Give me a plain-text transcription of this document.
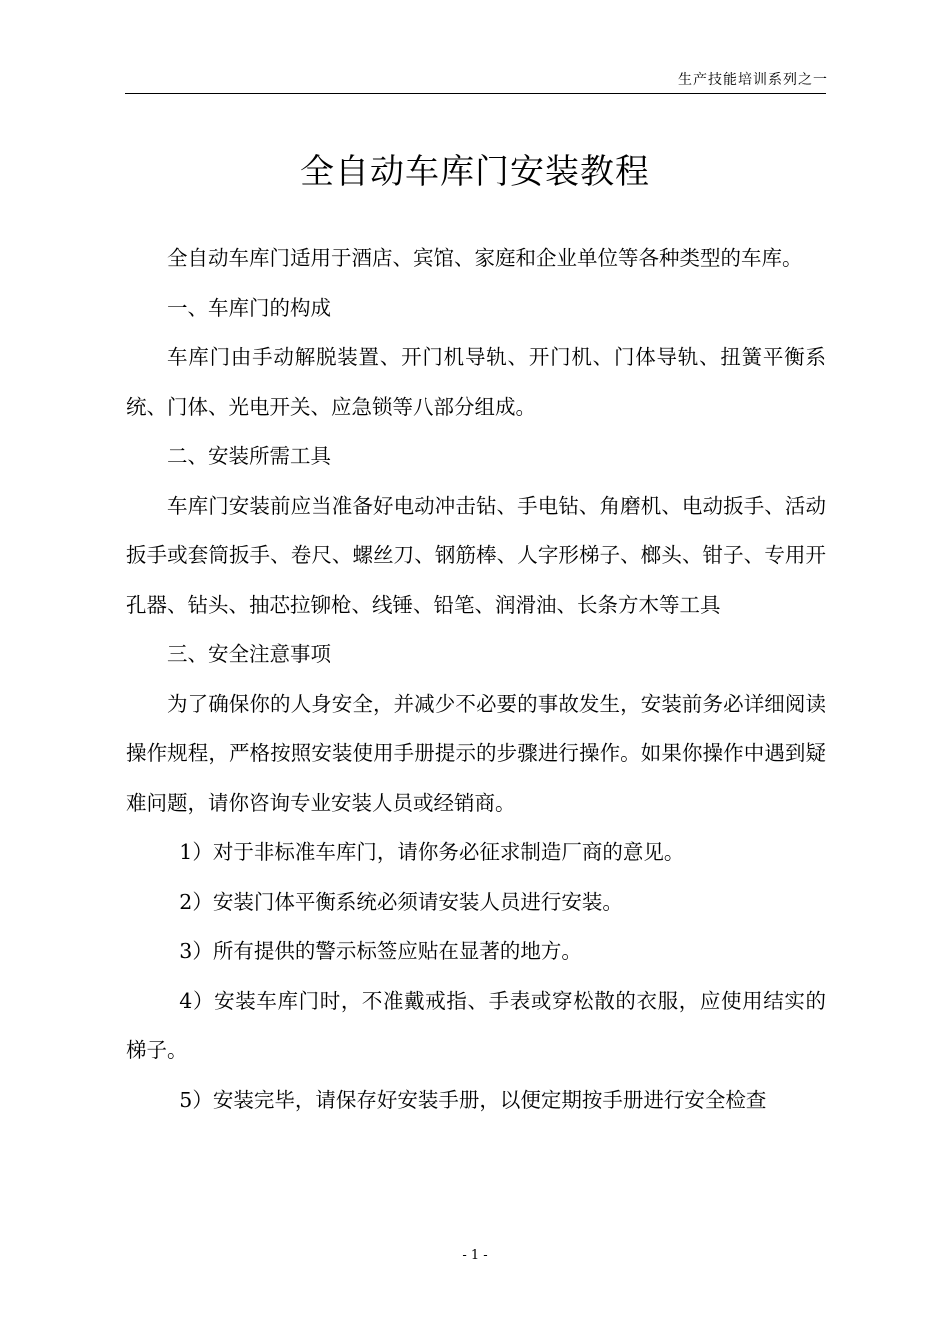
生产技能培训系列之一
全自动车库门安装教程

全自动车库门适用于酒店、宾馆、家庭和企业单位等各种类型的车库。

一、车库门的构成

车库门由手动解脱装置、开门机导轨、开门机、门体导轨、扭簧平衡系统、门体、光电开关、应急锁等八部分组成。

二、安装所需工具

车库门安装前应当准备好电动冲击钻、手电钻、角磨机、电动扳手、活动扳手或套筒扳手、卷尺、螺丝刀、钢筋棒、人字形梯子、榔头、钳子、专用开孔器、钻头、抽芯拉铆枪、线锤、铅笔、润滑油、长条方木等工具

三、安全注意事项

为了确保你的人身安全，并减少不必要的事故发生，安装前务必详细阅读操作规程，严格按照安装使用手册提示的步骤进行操作。如果你操作中遇到疑难问题，请你咨询专业安装人员或经销商。

1）对于非标准车库门，请你务必征求制造厂商的意见。

2）安装门体平衡系统必须请安装人员进行安装。

3）所有提供的警示标签应贴在显著的地方。

4）安装车库门时，不准戴戒指、手表或穿松散的衣服，应使用结实的梯子。

5）安装完毕，请保存好安装手册，以便定期按手册进行安全检查

- 1 -
